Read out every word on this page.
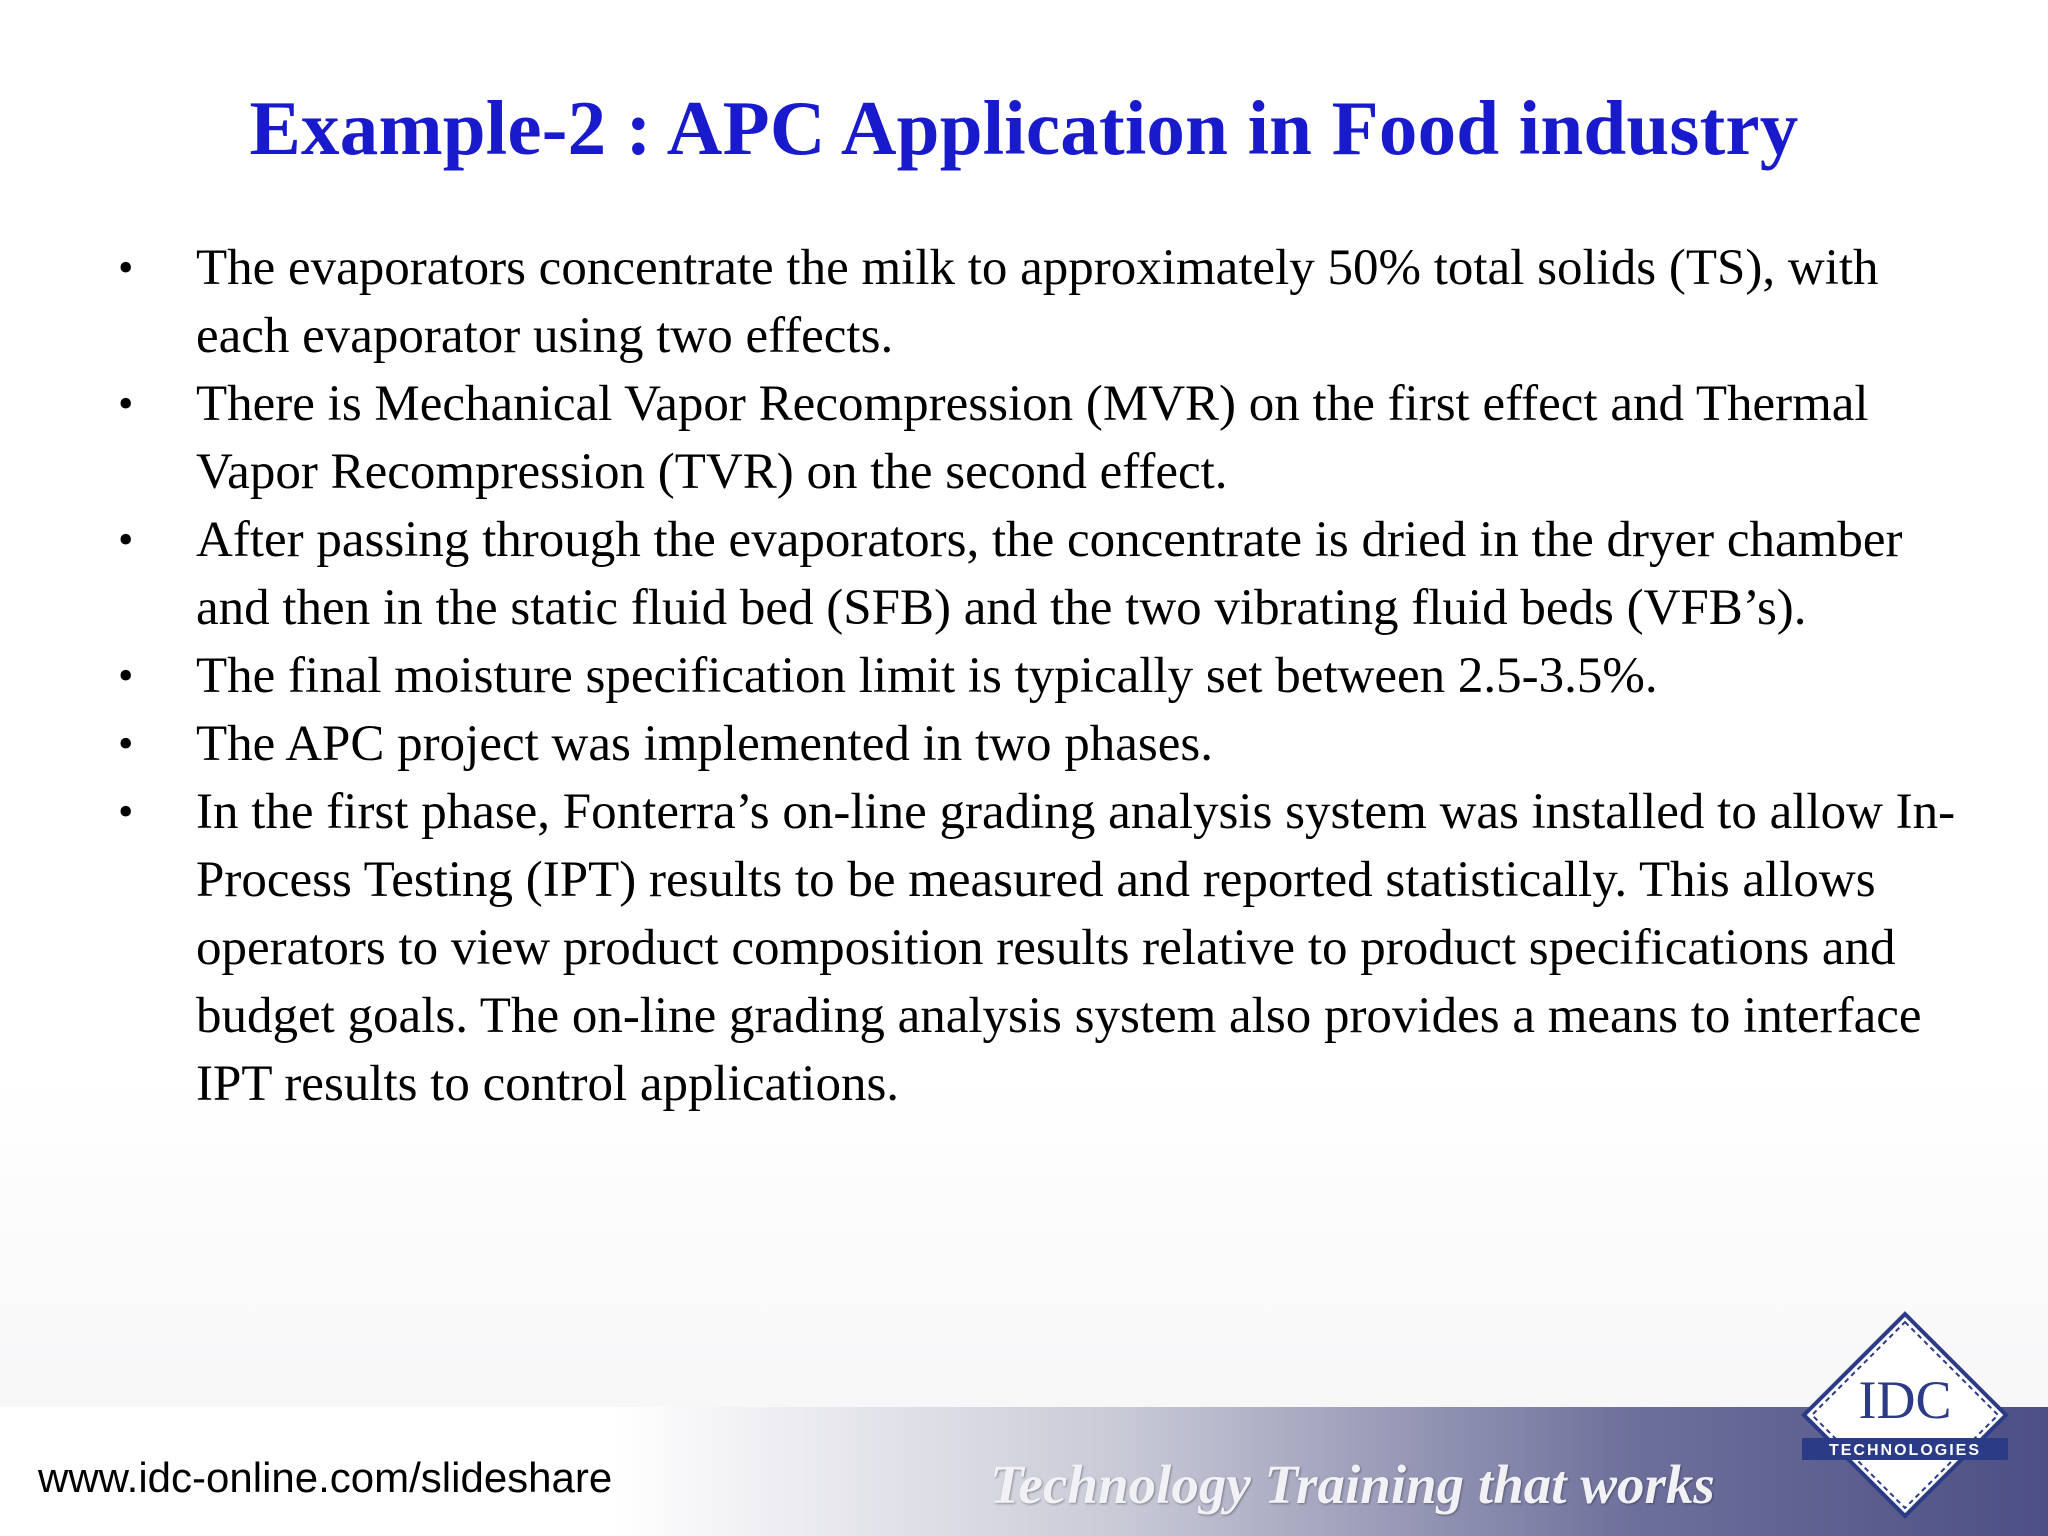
Example-2 : APC Application in Food industry
• The evaporators concentrate the milk to approximately 50% total solids (TS), with each evaporator using two effects.
• There is Mechanical Vapor Recompression (MVR) on the first effect and Thermal Vapor Recompression (TVR) on the second effect.
• After passing through the evaporators, the concentrate is dried in the dryer chamber and then in the static fluid bed (SFB) and the two vibrating fluid beds (VFB’s).
• The final moisture specification limit is typically set between 2.5-3.5%.
• The APC project was implemented in two phases.
• In the first phase, Fonterra’s on-line grading analysis system was installed to allow In-Process Testing (IPT) results to be measured and reported statistically. This allows operators to view product composition results relative to product specifications and budget goals. The on-line grading analysis system also provides a means to interface IPT results to control applications.
www.idc-online.com/slideshare	Technology Training that works
IDC
TECHNOLOGIES
